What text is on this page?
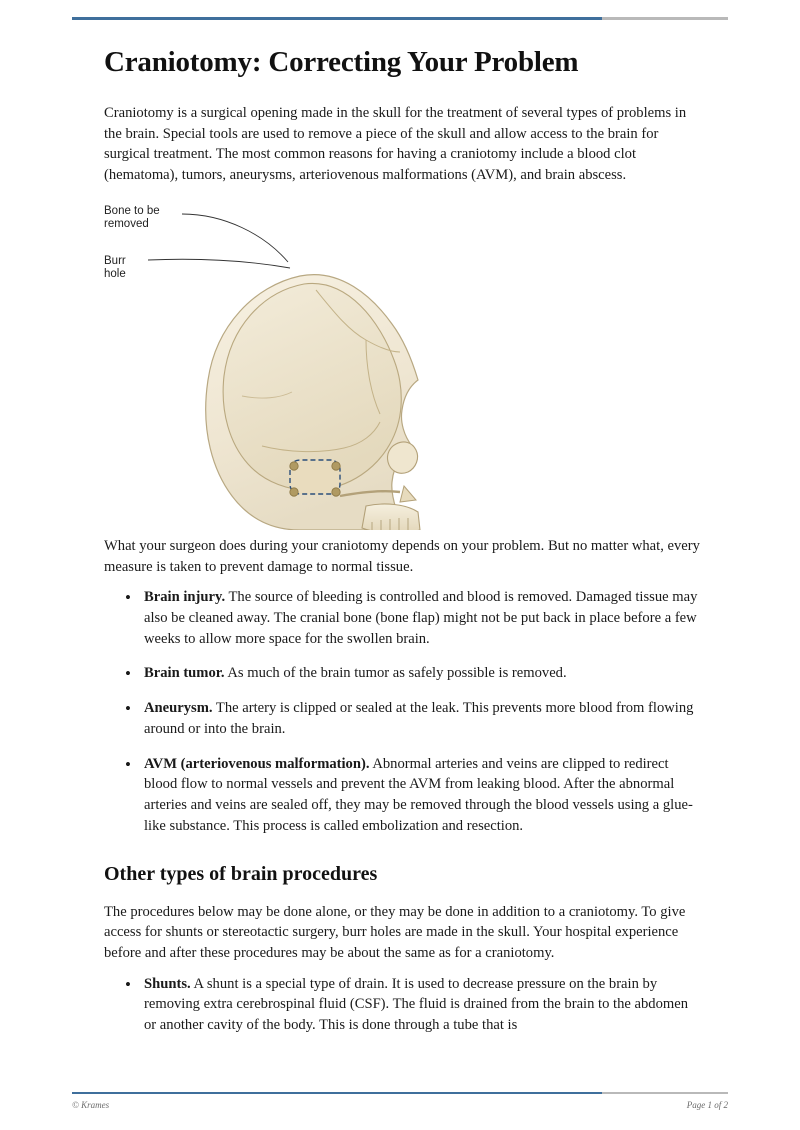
Craniotomy: Correcting Your Problem

Craniotomy is a surgical opening made in the skull for the treatment of several types of problems in the brain. Special tools are used to remove a piece of the skull and allow access to the brain for surgical treatment. The most common reasons for having a craniotomy include a blood clot (hematoma), tumors, aneurysms, arteriovenous malformations (AVM), and brain abscess.

Bone to be removed
Burr hole

What your surgeon does during your craniotomy depends on your problem. But no matter what, every measure is taken to prevent damage to normal tissue.

• Brain injury. The source of bleeding is controlled and blood is removed. Damaged tissue may also be cleaned away. The cranial bone (bone flap) might not be put back in place before a few weeks to allow more space for the swollen brain.
• Brain tumor. As much of the brain tumor as safely possible is removed.
• Aneurysm. The artery is clipped or sealed at the leak. This prevents more blood from flowing around or into the brain.
• AVM (arteriovenous malformation). Abnormal arteries and veins are clipped to redirect blood flow to normal vessels and prevent the AVM from leaking blood. After the abnormal arteries and veins are sealed off, they may be removed through the blood vessels using a glue-like substance. This process is called embolization and resection.
Other types of brain procedures

The procedures below may be done alone, or they may be done in addition to a craniotomy. To give access for shunts or stereotactic surgery, burr holes are made in the skull. Your hospital experience before and after these procedures may be about the same as for a craniotomy.

• Shunts. A shunt is a special type of drain. It is used to decrease pressure on the brain by removing extra cerebrospinal fluid (CSF). The fluid is drained from the brain to the abdomen or another cavity of the body. This is done through a tube that is
© Krames	Page 1 of 2
